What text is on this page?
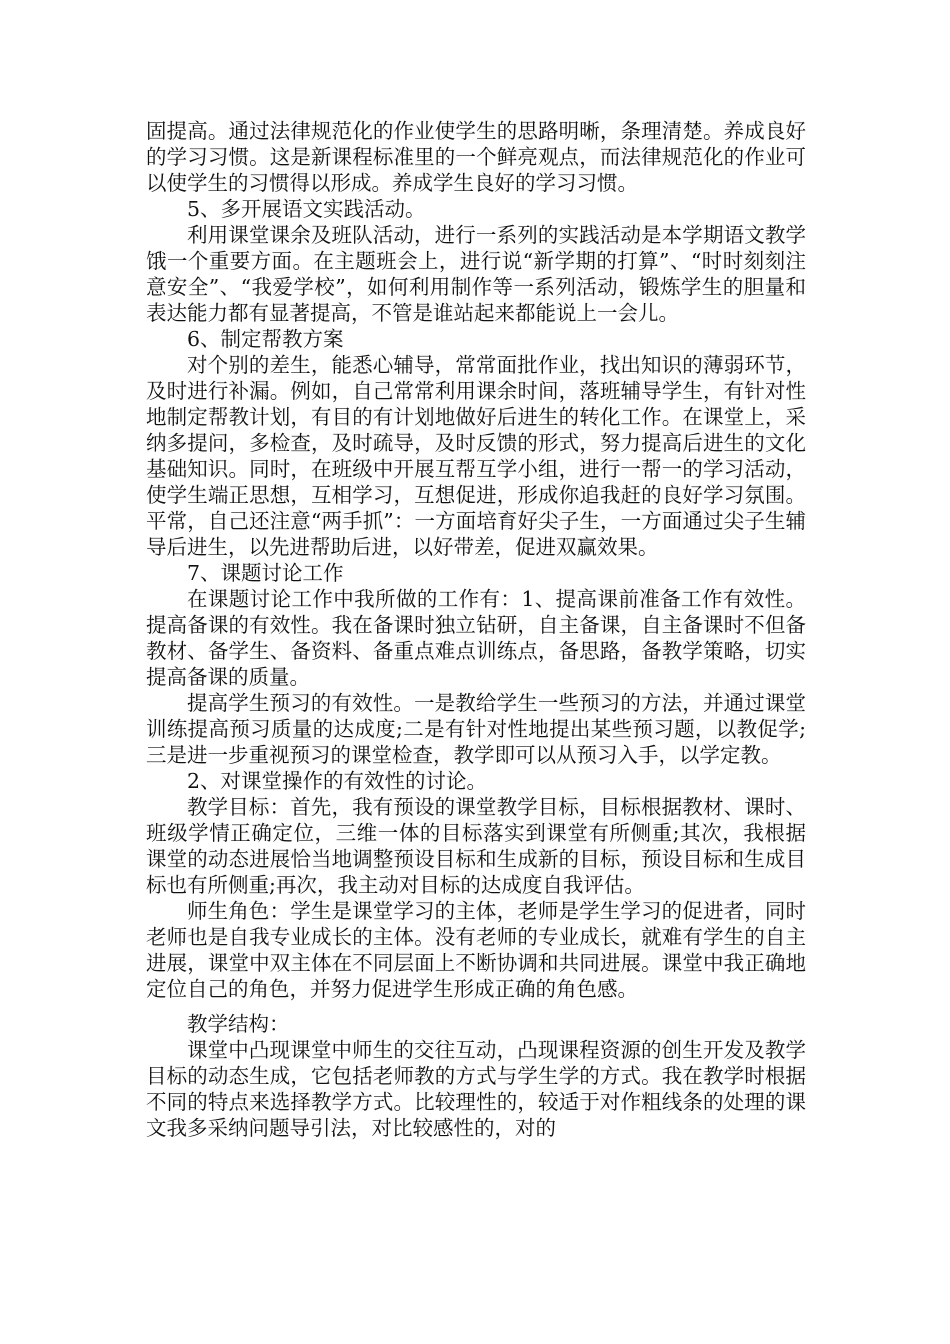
固提高。通过法律规范化的作业使学生的思路明晰，条理清楚。养成良好的学习习惯。这是新课程标准里的一个鲜亮观点，而法律规范化的作业可以使学生的习惯得以形成。养成学生良好的学习习惯。

5、多开展语文实践活动。

利用课堂课余及班队活动，进行一系列的实践活动是本学期语文教学饿一个重要方面。在主题班会上，进行说“新学期的打算”、“时时刻刻注意安全”、“我爱学校”，如何利用制作等一系列活动，锻炼学生的胆量和表达能力都有显著提高，不管是谁站起来都能说上一会儿。

6、制定帮教方案

对个别的差生，能悉心辅导，常常面批作业，找出知识的薄弱环节，及时进行补漏。例如，自己常常利用课余时间，落班辅导学生，有针对性地制定帮教计划，有目的有计划地做好后进生的转化工作。在课堂上，采纳多提问，多检查，及时疏导，及时反馈的形式，努力提高后进生的文化基础知识。同时，在班级中开展互帮互学小组，进行一帮一的学习活动，使学生端正思想，互相学习，互想促进，形成你追我赶的良好学习氛围。平常，自己还注意“两手抓”：一方面培育好尖子生，一方面通过尖子生辅导后进生，以先进帮助后进，以好带差，促进双赢效果。

7、课题讨论工作

在课题讨论工作中我所做的工作有：1、提高课前准备工作有效性。提高备课的有效性。我在备课时独立钻研，自主备课，自主备课时不但备教材、备学生、备资料、备重点难点训练点，备思路，备教学策略，切实提高备课的质量。

提高学生预习的有效性。一是教给学生一些预习的方法，并通过课堂训练提高预习质量的达成度;二是有针对性地提出某些预习题，以教促学;三是进一步重视预习的课堂检查，教学即可以从预习入手，以学定教。

2、对课堂操作的有效性的讨论。

教学目标：首先，我有预设的课堂教学目标，目标根据教材、课时、班级学情正确定位，三维一体的目标落实到课堂有所侧重;其次，我根据课堂的动态进展恰当地调整预设目标和生成新的目标，预设目标和生成目标也有所侧重;再次，我主动对目标的达成度自我评估。

师生角色：学生是课堂学习的主体，老师是学生学习的促进者，同时老师也是自我专业成长的主体。没有老师的专业成长，就难有学生的自主进展，课堂中双主体在不同层面上不断协调和共同进展。课堂中我正确地定位自己的角色，并努力促进学生形成正确的角色感。

教学结构：

课堂中凸现课堂中师生的交往互动，凸现课程资源的创生开发及教学目标的动态生成，它包括老师教的方式与学生学的方式。我在教学时根据不同的特点来选择教学方式。比较理性的，较适于对作粗线条的处理的课文我多采纳问题导引法，对比较感性的，对的
